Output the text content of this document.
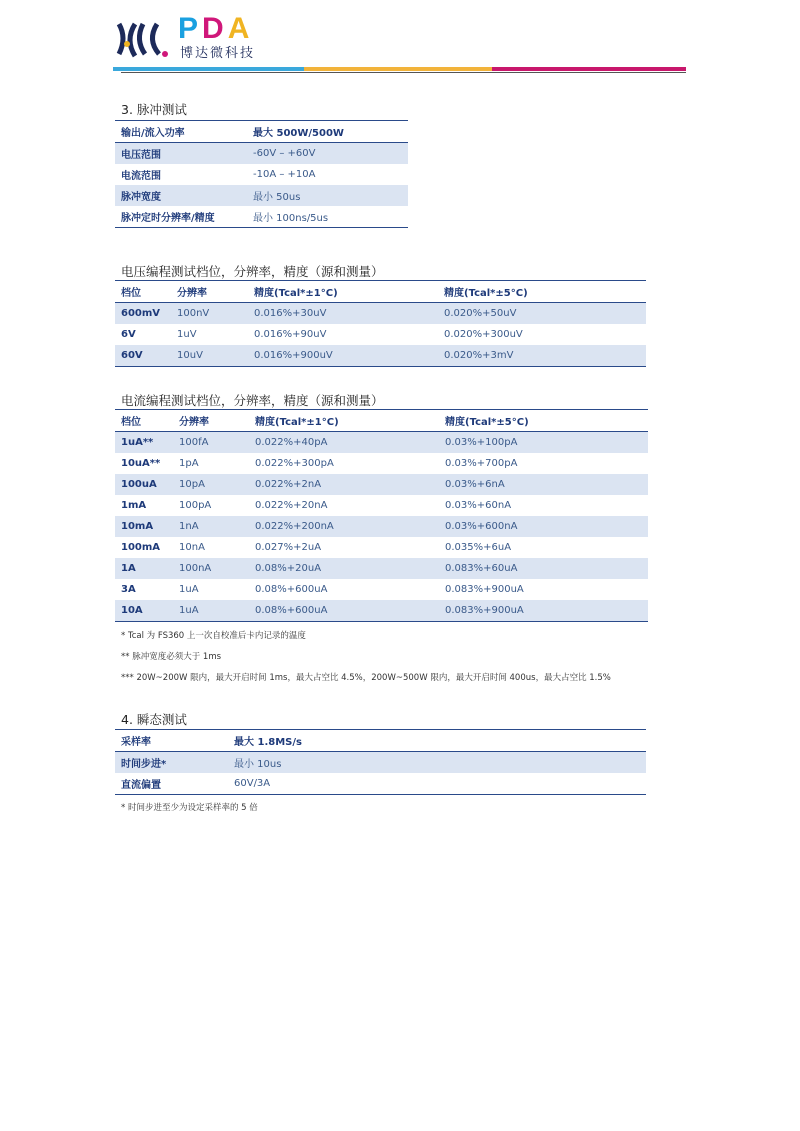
PDA
博达微科技
3. 脉冲测试
输出/流入功率	最大 500W/500W
电压范围	-60V – +60V
电流范围	-10A – +10A
脉冲宽度	最小 50us
脉冲定时分辨率/精度	最小 100ns/5us
电压编程测试档位，分辨率，精度（源和测量）
档位	分辨率	精度(Tcal*±1°C)	精度(Tcal*±5°C)
600mV	100nV	0.016%+30uV	0.020%+50uV
6V	1uV	0.016%+90uV	0.020%+300uV
60V	10uV	0.016%+900uV	0.020%+3mV
电流编程测试档位，分辨率，精度（源和测量）
档位	分辨率	精度(Tcal*±1°C)	精度(Tcal*±5°C)
1uA**	100fA	0.022%+40pA	0.03%+100pA
10uA**	1pA	0.022%+300pA	0.03%+700pA
100uA	10pA	0.022%+2nA	0.03%+6nA
1mA	100pA	0.022%+20nA	0.03%+60nA
10mA	1nA	0.022%+200nA	0.03%+600nA
100mA	10nA	0.027%+2uA	0.035%+6uA
1A	100nA	0.08%+20uA	0.083%+60uA
3A	1uA	0.08%+600uA	0.083%+900uA
10A	1uA	0.08%+600uA	0.083%+900uA
* Tcal 为 FS360 上一次自校准后卡内记录的温度
** 脉冲宽度必须大于 1ms
*** 20W~200W 限内，最大开启时间 1ms，最大占空比 4.5%，200W~500W 限内，最大开启时间 400us，最大占空比 1.5%
4. 瞬态测试
采样率	最大 1.8MS/s
时间步进*	最小 10us
直流偏置	60V/3A
* 时间步进至少为设定采样率的 5 倍
